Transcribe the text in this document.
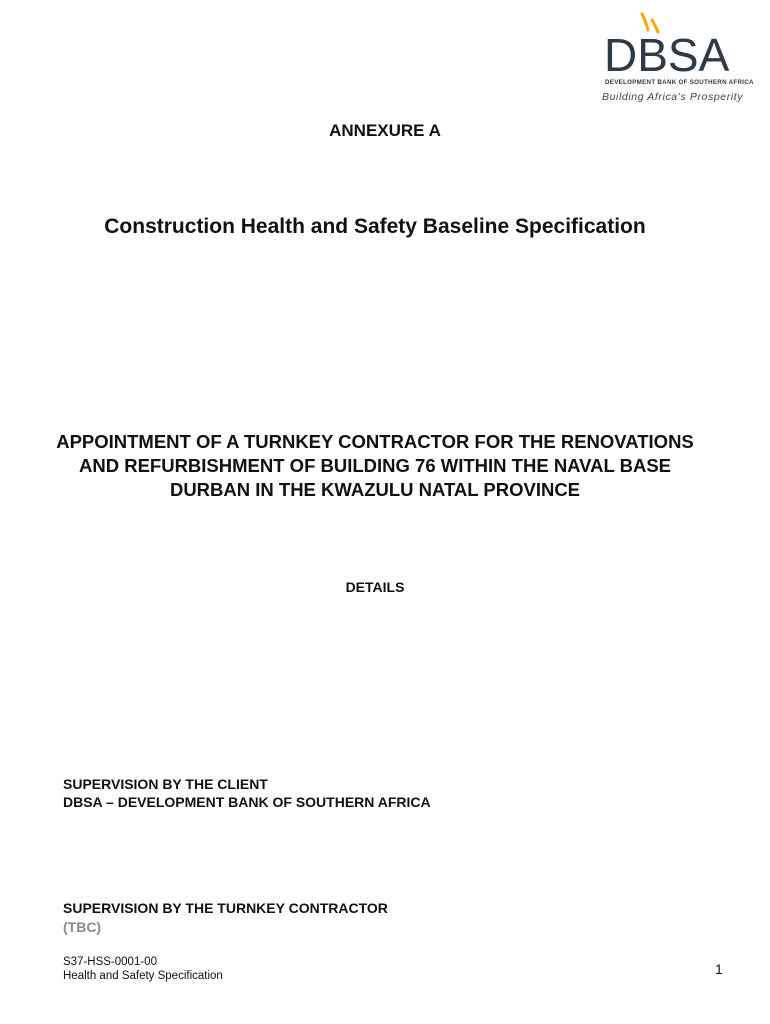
DBSA
DEVELOPMENT BANK OF SOUTHERN AFRICA
Building Africa’s Prosperity
ANNEXURE A
Construction Health and Safety Baseline Specification
APPOINTMENT OF A TURNKEY CONTRACTOR FOR THE RENOVATIONS AND REFURBISHMENT OF BUILDING 76 WITHIN THE NAVAL BASE DURBAN IN THE KWAZULU NATAL PROVINCE
DETAILS
SUPERVISION BY THE CLIENT
DBSA – DEVELOPMENT BANK OF SOUTHERN AFRICA
SUPERVISION BY THE TURNKEY CONTRACTOR
(TBC)
S37-HSS-0001-00
Health and Safety Specification	1
